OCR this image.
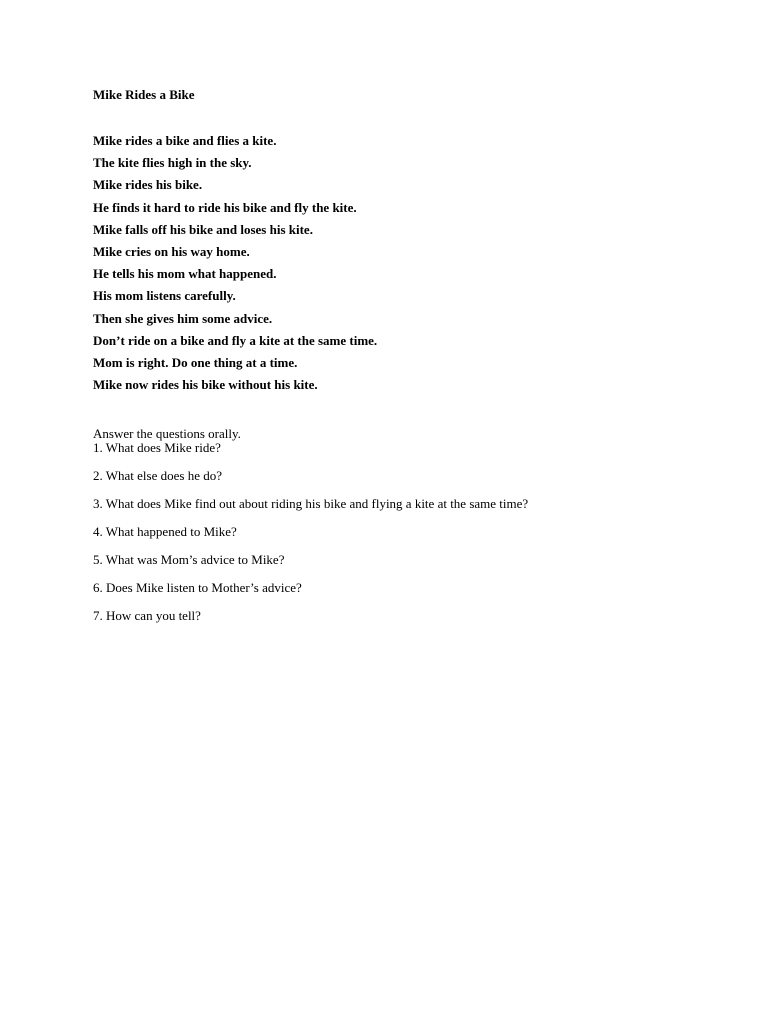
Mike Rides a Bike
Mike rides a bike and flies a kite.
The kite flies high in the sky.
Mike rides his bike.
He finds it hard to ride his bike and fly the kite.
Mike falls off his bike and loses his kite.
Mike cries on his way home.
He tells his mom what happened.
His mom listens carefully.
Then she gives him some advice.
Don’t ride on a bike and fly a kite at the same time.
Mom is right. Do one thing at a time.
Mike now rides his bike without his kite.

Answer the questions orally.

1. What does Mike ride?
2. What else does he do?
3. What does Mike find out about riding his bike and flying a kite at the same time?
4. What happened to Mike?
5. What was Mom’s advice to Mike?
6. Does Mike listen to Mother’s advice?
7. How can you tell?
